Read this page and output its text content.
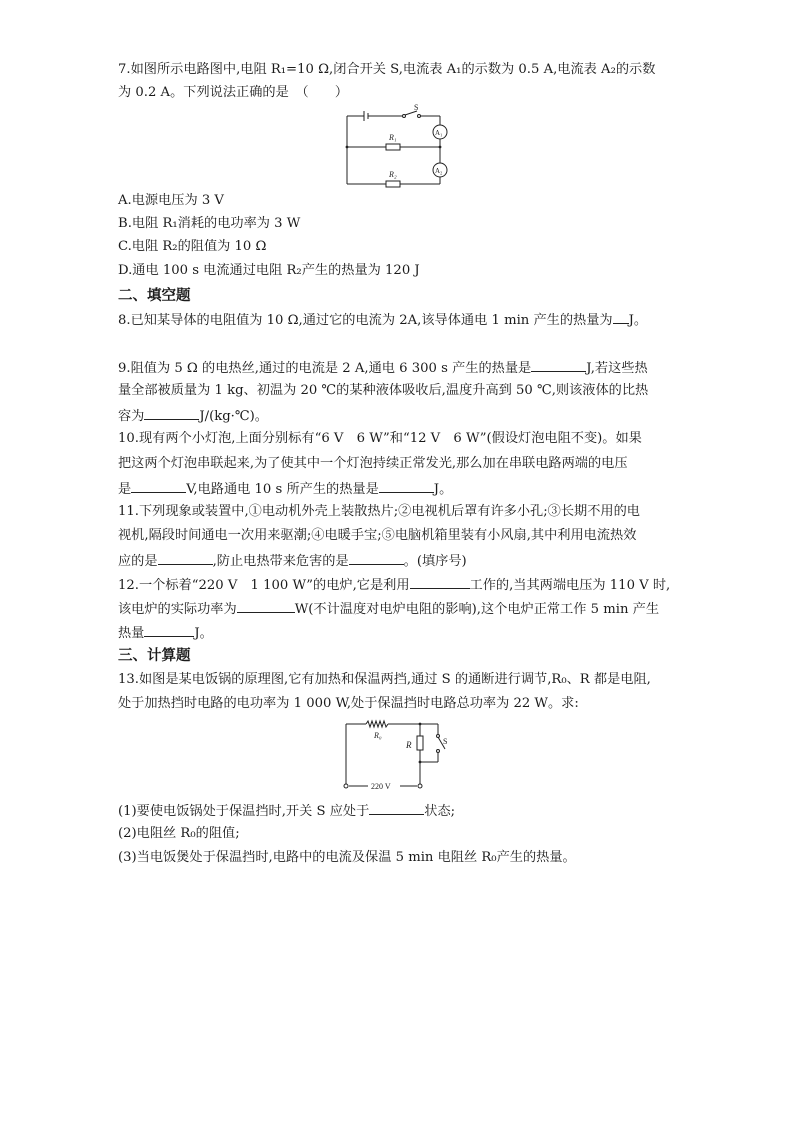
7.如图所示电路图中,电阻 R₁=10 Ω,闭合开关 S,电流表 A₁的示数为 0.5 A,电流表 A₂的示数
为 0.2 A。下列说法正确的是　（　　）
S
R₁
R₂
A₁
A₂
A.电源电压为 3 V
B.电阻 R₁消耗的电功率为 3 W
C.电阻 R₂的阻值为 10 Ω
D.通电 100 s 电流通过电阻 R₂产生的热量为 120 J
二、填空题
8.已知某导体的电阻值为 10 Ω,通过它的电流为 2A,该导体通电 1 min 产生的热量为 J。
9.阻值为 5 Ω 的电热丝,通过的电流是 2 A,通电 6 300 s 产生的热量是	J,若这些热
量全部被质量为 1 kg、初温为 20 ℃的某种液体吸收后,温度升高到 50 ℃,则该液体的比热
容为	J/(kg·℃)。
10.现有两个小灯泡,上面分别标有“6 V　6 W”和“12 V　6 W”(假设灯泡电阻不变)。如果
把这两个灯泡串联起来,为了使其中一个灯泡持续正常发光,那么加在串联电路两端的电压
是	V,电路通电 10 s 所产生的热量是	J。
11.下列现象或装置中,①电动机外壳上装散热片;②电视机后罩有许多小孔;③长期不用的电
视机,隔段时间通电一次用来驱潮;④电暖手宝;⑤电脑机箱里装有小风扇,其中利用电流热效
应的是	,防止电热带来危害的是	。(填序号)
12.一个标着“220 V　1 100 W”的电炉,它是利用	工作的,当其两端电压为 110 V 时,
该电炉的实际功率为	W(不计温度对电炉电阻的影响),这个电炉正常工作 5 min 产生
热量	J。
三、计算题
13.如图是某电饭锅的原理图,它有加热和保温两挡,通过 S 的通断进行调节,R₀、R 都是电阻,
处于加热挡时电路的电功率为 1 000 W,处于保温挡时电路总功率为 22 W。求:
R₀
R	S
220 V
(1)要使电饭锅处于保温挡时,开关 S 应处于	状态;
(2)电阻丝 R₀的阻值;
(3)当电饭煲处于保温挡时,电路中的电流及保温 5 min 电阻丝 R₀产生的热量。
